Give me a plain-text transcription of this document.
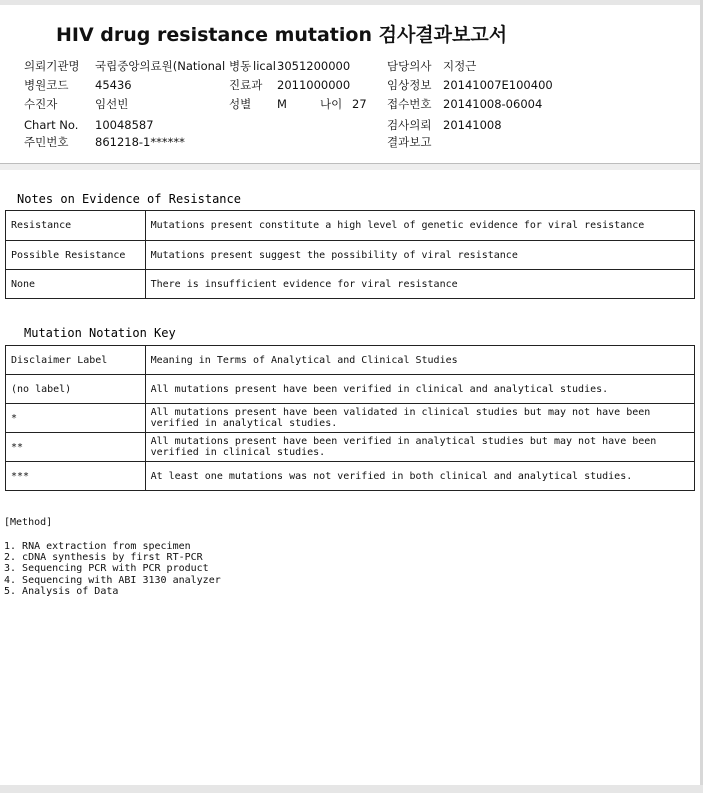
HIV drug resistance mutation 검사결과보고서
의뢰기관명 국립중앙의료원(National 병동 lical 3051200000	담당의사 지정근
병원코드 45436	진료과 2011000000	임상정보 20141007E100400
수진자	임선빈	성별 M	나이 27 접수번호 20141008-06004
Chart No. 10048587	검사의뢰 20141008
주민번호 861218-1******	결과보고
Notes on Evidence of Resistance
Resistance	Mutations present constitute a high level of genetic evidence for viral resistance
Possible Resistance	Mutations present suggest the possibility of viral resistance
None	There is insufficient evidence for viral resistance
Mutation Notation Key
Disclaimer Label	Meaning in Terms of Analytical and Clinical Studies
(no label)	All mutations present have been verified in clinical and analytical studies.
*	All mutations present have been validated in clinical studies but may not have been verified in analytical studies.
**	All mutations present have been verified in analytical studies but may not have been verified in clinical studies.
***	At least one mutations was not verified in both clinical and analytical studies.
[Method]
1. RNA extraction from specimen
2. cDNA synthesis by first RT-PCR
3. Sequencing PCR with PCR product
4. Sequencing with ABI 3130 analyzer
5. Analysis of Data
